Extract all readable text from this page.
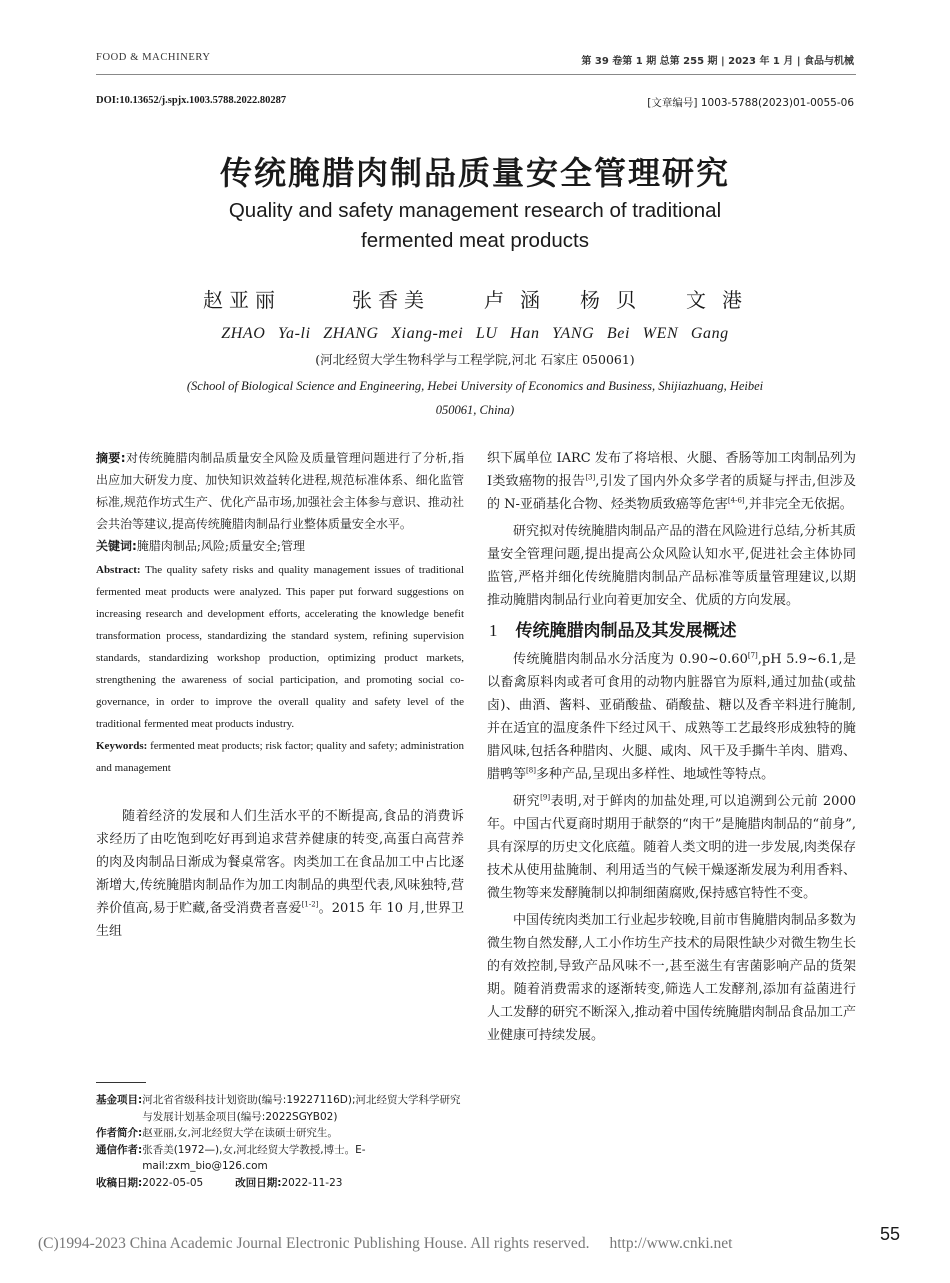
FOOD & MACHINERY	第 39 卷第 1 期 总第 255 期 | 2023 年 1 月 | 食品与机械
DOI:10.13652/j.spjx.1003.5788.2022.80287	[文章编号] 1003-5788(2023)01-0055-06
传统腌腊肉制品质量安全管理研究
Quality and safety management research of traditional fermented meat products
赵亚丽	张香美	卢涵 杨贝 文港
ZHAO Ya-li ZHANG Xiang-mei LU Han YANG Bei WEN Gang
(河北经贸大学生物科学与工程学院,河北 石家庄 050061)
(School of Biological Science and Engineering, Hebei University of Economics and Business, Shijiazhuang, Heibei 050061, China)
摘要:对传统腌腊肉制品质量安全风险及质量管理问题进行了分析,指出应加大研发力度、加快知识效益转化进程,规范标准体系、细化监管标准,规范作坊式生产、优化产品市场,加强社会主体参与意识、推动社会共治等建议,提高传统腌腊肉制品行业整体质量安全水平。
关键词:腌腊肉制品;风险;质量安全;管理
Abstract: The quality safety risks and quality management issues of traditional fermented meat products were analyzed. This paper put forward suggestions on increasing research and development efforts, accelerating the knowledge benefit transformation process, standardizing the standard system, refining supervision standards, standardizing workshop production, optimizing product markets, strengthening the awareness of social participation, and promoting social co-governance, in order to improve the overall quality and safety level of the traditional fermented meat products industry.
Keywords: fermented meat products; risk factor; quality and safety; administration and management

随着经济的发展和人们生活水平的不断提高,食品的消费诉求经历了由吃饱到吃好再到追求营养健康的转变,高蛋白高营养的肉及肉制品日渐成为餐桌常客。肉类加工在食品加工中占比逐渐增大,传统腌腊肉制品作为加工肉制品的典型代表,风味独特,营养价值高,易于贮藏,备受消费者喜爱[1-2]。2015 年 10 月,世界卫生组

织下属单位 IARC 发布了将培根、火腿、香肠等加工肉制品列为Ⅰ类致癌物的报告[3],引发了国内外众多学者的质疑与抨击,但涉及的 N-亚硝基化合物、烃类物质致癌等危害[4-6],并非完全无依据。

研究拟对传统腌腊肉制品产品的潜在风险进行总结,分析其质量安全管理问题,提出提高公众风险认知水平,促进社会主体协同监管,严格并细化传统腌腊肉制品产品标准等质量管理建议,以期推动腌腊肉制品行业向着更加安全、优质的方向发展。

1 传统腌腊肉制品及其发展概述

传统腌腊肉制品水分活度为 0.90~0.60[7],pH 5.9~6.1,是以畜禽原料肉或者可食用的动物内脏器官为原料,通过加盐(或盐卤)、曲酒、酱料、亚硝酸盐、硝酸盐、糖以及香辛料进行腌制,并在适宜的温度条件下经过风干、成熟等工艺最终形成独特的腌腊风味,包括各种腊肉、火腿、咸肉、风干及手撕牛羊肉、腊鸡、腊鸭等[8]多种产品,呈现出多样性、地域性等特点。

研究[9]表明,对于鲜肉的加盐处理,可以追溯到公元前 2000 年。中国古代夏商时期用于献祭的“肉干”是腌腊肉制品的“前身”,具有深厚的历史文化底蕴。随着人类文明的进一步发展,肉类保存技术从使用盐腌制、利用适当的气候干燥逐渐发展为利用香料、微生物等来发酵腌制以抑制细菌腐败,保持感官特性不变。

中国传统肉类加工行业起步较晚,目前市售腌腊肉制品多数为微生物自然发酵,人工小作坊生产技术的局限性缺少对微生物生长的有效控制,导致产品风味不一,甚至滋生有害菌影响产品的货架期。随着消费需求的逐渐转变,筛选人工发酵剂,添加有益菌进行人工发酵的研究不断深入,推动着中国传统腌腊肉制品食品加工产业健康可持续发展。

基金项目: 河北省省级科技计划资助(编号:19227116D);河北经贸大学科学研究与发展计划基金项目(编号:2022SGYB02)
作者简介: 赵亚丽,女,河北经贸大学在读硕士研究生。
通信作者: 张香美(1972—),女,河北经贸大学教授,博士。E-mail:zxm_bio@126.com
收稿日期: 2022-05-05	改回日期: 2022-11-23
55
(C)1994-2023 China Academic Journal Electronic Publishing House. All rights reserved. http://www.cnki.net
